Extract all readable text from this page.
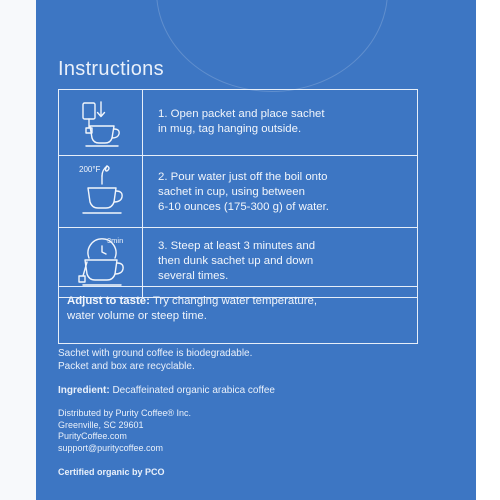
Instructions
1. Open packet and place sachet
in mug, tag hanging outside.
200°F
2. Pour water just off the boil onto
sachet in cup, using between
6-10 ounces (175-300 g) of water.
3min	3. Steep at least 3 minutes and
then dunk sachet up and down
several times.
Adjust to taste: Try changing water temperature,
water volume or steep time.
Sachet with ground coffee is biodegradable.
Packet and box are recyclable.
Ingredient: Decaffeinated organic arabica coffee
Distributed by Purity Coffee® Inc.
Greenville, SC 29601
PurityCoffee.com
support@puritycoffee.com
Certified organic by PCO
